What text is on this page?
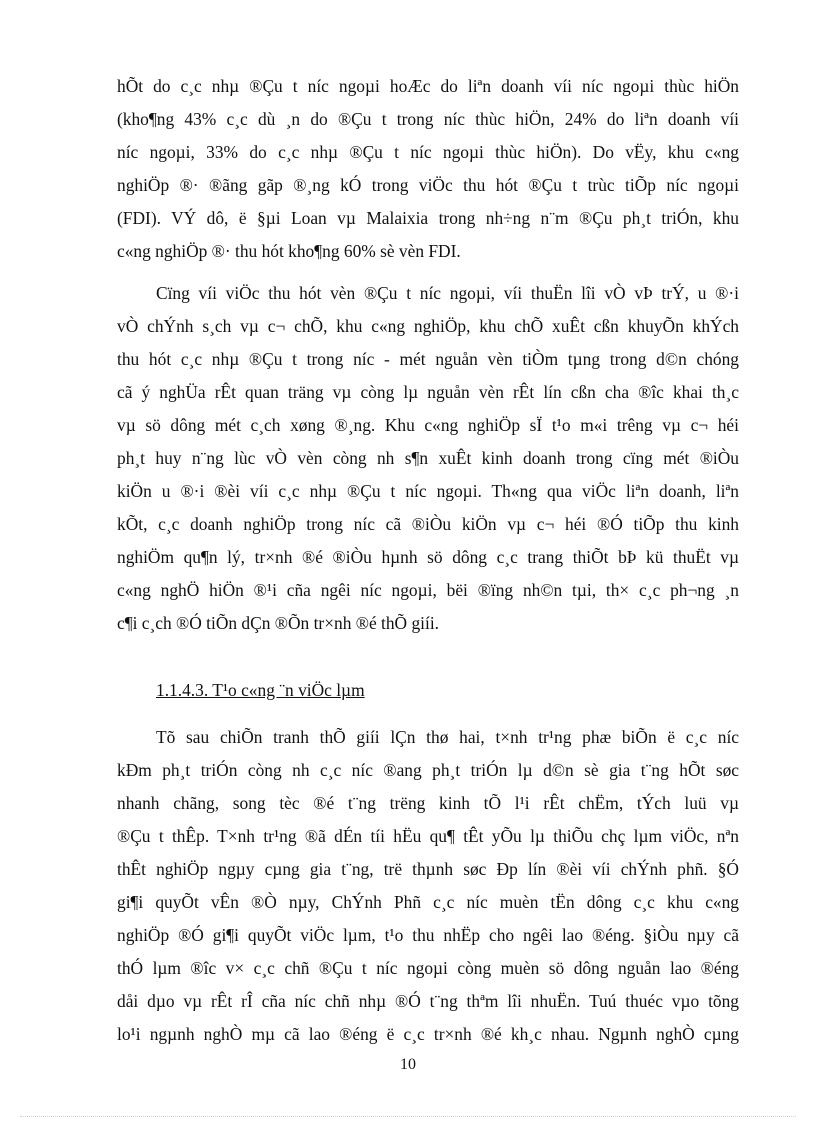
hÕt do c¸c nhµ ®Çu t níc ngoµi hoÆc do liªn doanh víi níc ngoµi thùc hiÖn
(kho¶ng 43% c¸c dù ¸n do ®Çu t trong níc thùc hiÖn, 24% do liªn doanh víi
níc ngoµi, 33% do c¸c nhµ ®Çu t níc ngoµi thùc hiÖn). Do vËy, khu c«ng
nghiÖp ®· ®ãng gãp ®¸ng kÓ trong viÖc thu hót ®Çu t trùc tiÕp níc ngoµi
(FDI). VÝ dô, ë §µi Loan vµ Malaixia trong nh÷ng n¨m ®Çu ph¸t triÓn, khu
c«ng nghiÖp ®· thu hót kho¶ng 60% sè vèn FDI.
Cïng víi viÖc thu hót vèn ®Çu t níc ngoµi, víi thuËn lîi vÒ vÞ trÝ, u ®·i
vÒ chÝnh s¸ch vµ c¬ chÕ, khu c«ng nghiÖp, khu chÕ xuÊt cßn khuyÕn khÝch
thu hót c¸c nhµ ®Çu t trong níc - mét nguån vèn tiÒm tµng trong d©n chóng
cã ý nghÜa rÊt quan träng vµ còng lµ nguån vèn rÊt lín cßn cha ®îc khai th¸c
vµ sö dông mét c¸ch xøng ®¸ng. Khu c«ng nghiÖp sÏ t¹o m«i trêng vµ c¬ héi
ph¸t huy n¨ng lùc vÒ vèn còng nh s¶n xuÊt kinh doanh trong cïng mét ®iÒu
kiÖn u ®·i ®èi víi c¸c nhµ ®Çu t níc ngoµi. Th«ng qua viÖc liªn doanh, liªn
kÕt, c¸c doanh nghiÖp trong níc cã ®iÒu kiÖn vµ c¬ héi ®Ó tiÕp thu kinh
nghiÖm qu¶n lý, tr×nh ®é ®iÒu hµnh sö dông c¸c trang thiÕt bÞ kü thuËt vµ
c«ng nghÖ hiÖn ®¹i cña ngêi níc ngoµi, bëi ®ïng nh©n tµi, th× c¸c ph¬ng ¸n
c¶i c¸ch ®Ó tiÕn dÇn ®Õn tr×nh ®é thÕ giíi.
1.1.4.3. T¹o c«ng ¨n viÖc lµm
Tõ sau chiÕn tranh thÕ giíi lÇn thø hai, t×nh tr¹ng phæ biÕn ë c¸c níc
kÐm ph¸t triÓn còng nh c¸c níc ®ang ph¸t triÓn lµ d©n sè gia t¨ng hÕt søc
nhanh chãng, song tèc ®é t¨ng trëng kinh tÕ l¹i rÊt chËm, tÝch luü vµ
®Çu t thÊp. T×nh tr¹ng ®ã dÉn tíi hËu qu¶ tÊt yÕu lµ thiÕu chç lµm viÖc, nªn
thÊt nghiÖp ngµy cµng gia t¨ng, trë thµnh søc Ðp lín ®èi víi chÝnh phñ. §Ó
gi¶i quyÕt vÊn ®Ò nµy, ChÝnh Phñ c¸c níc muèn tËn dông c¸c khu c«ng
nghiÖp ®Ó gi¶i quyÕt viÖc lµm, t¹o thu nhËp cho ngêi lao ®éng. §iÒu nµy cã
thÓ lµm ®îc v× c¸c chñ ®Çu t níc ngoµi còng muèn sö dông nguån lao ®éng
dåi dµo vµ rÊt rÎ cña níc chñ nhµ ®Ó t¨ng thªm lîi nhuËn. Tuú thuéc vµo tõng
lo¹i ngµnh nghÒ mµ cã lao ®éng ë c¸c tr×nh ®é kh¸c nhau. Ngµnh nghÒ cµng
10
